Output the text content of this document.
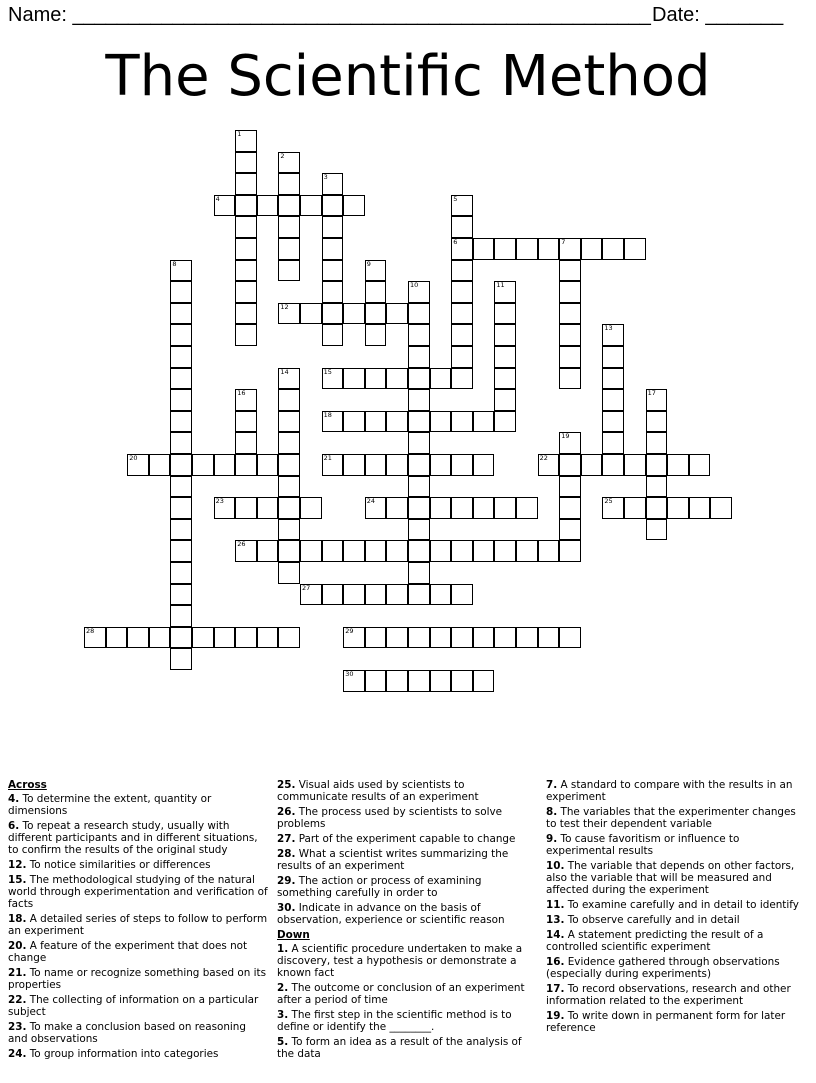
Name: ____________________________________________________ Date: _______
The Scientific Method
1
2
3
4	5
6	7
8	9
10	11
12
13
14	15
16	17
18
19
20	21	22
23	24	25
26
27
28	29
30
Across
4. To determine the extent, quantity or dimensions
6. To repeat a research study, usually with different participants and in different situations, to confirm the results of the original study
12. To notice similarities or differences
15. The methodological studying of the natural world through experimentation and verification of facts
18. A detailed series of steps to follow to perform an experiment
20. A feature of the experiment that does not change
21. To name or recognize something based on its properties
22. The collecting of information on a particular subject
23. To make a conclusion based on reasoning and observations
24. To group information into categories
25. Visual aids used by scientists to communicate results of an experiment
26. The process used by scientists to solve problems
27. Part of the experiment capable to change
28. What a scientist writes summarizing the results of an experiment
29. The action or process of examining something carefully in order to
30. Indicate in advance on the basis of observation, experience or scientific reason
Down
1. A scientific procedure undertaken to make a discovery, test a hypothesis or demonstrate a known fact
2. The outcome or conclusion of an experiment after a period of time
3. The first step in the scientific method is to define or identify the ________.
5. To form an idea as a result of the analysis of the data
7. A standard to compare with the results in an experiment
8. The variables that the experimenter changes to test their dependent variable
9. To cause favoritism or influence to experimental results
10. The variable that depends on other factors, also the variable that will be measured and affected during the experiment
11. To examine carefully and in detail to identify
13. To observe carefully and in detail
14. A statement predicting the result of a controlled scientific experiment
16. Evidence gathered through observations (especially during experiments)
17. To record observations, research and other information related to the experiment
19. To write down in permanent form for later reference
